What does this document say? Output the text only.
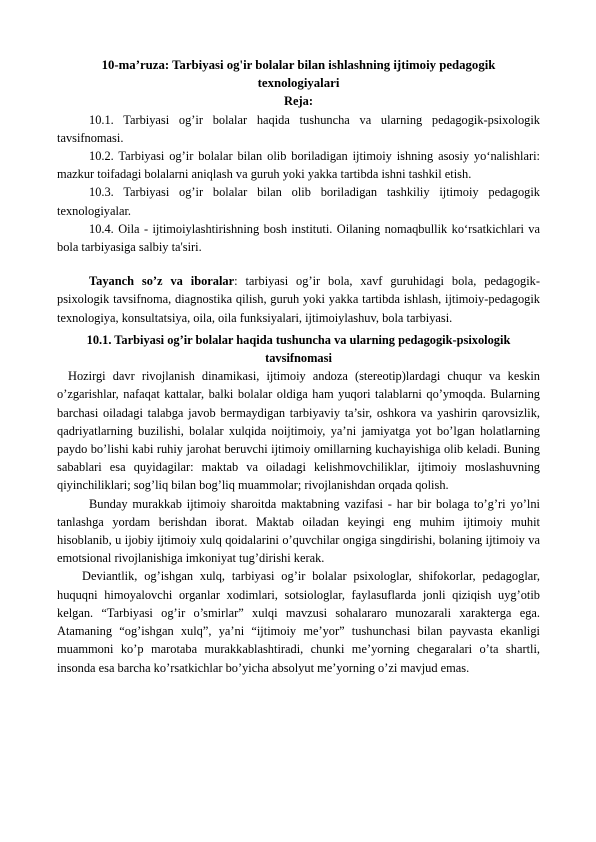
10-ma’ruza: Tarbiyasi og'ir bolalar bilan ishlashning ijtimoiy pedagogik texnologiyalari
Reja:

10.1. Tarbiyasi og’ir bolalar haqida tushuncha va ularning pedagogik-psixologik tavsifnomasi.

10.2. Tarbiyasi og’ir bolalar bilan olib boriladigan ijtimoiy ishning asosiy yo‘nalishlari: mazkur toifadagi bolalarni aniqlash va guruh yoki yakka tartibda ishni tashkil etish.

10.3. Tarbiyasi og’ir bolalar bilan olib boriladigan tashkiliy ijtimoiy pedagogik texnologiyalar.

10.4. Oila - ijtimoiylashtirishning bosh instituti. Oilaning nomaqbullik ko‘rsatkichlari va bola tarbiyasiga salbiy ta'siri.

Tayanch so’z va iboralar: tarbiyasi og’ir bola, xavf guruhidagi bola, pedagogik-psixologik tavsifnoma, diagnostika qilish, guruh yoki yakka tartibda ishlash, ijtimoiy-pedagogik texnologiya, konsultatsiya, oila, oila funksiyalari, ijtimoiylashuv, bola tarbiyasi.

10.1. Tarbiyasi og’ir bolalar haqida tushuncha va ularning pedagogik-psixologik tavsifnomasi

Hozirgi davr rivojlanish dinamikasi, ijtimoiy andoza (stereotip)lardagi chuqur va keskin o’zgarishlar, nafaqat kattalar, balki bolalar oldiga ham yuqori talablarni qo’ymoqda. Bularning barchasi oiladagi talabga javob bermaydigan tarbiyaviy ta’sir, oshkora va yashirin qarovsizlik, qadriyatlarning buzilishi, bolalar xulqida noijtimoiy, ya’ni jamiyatga yot bo’lgan holatlarning paydo bo’lishi kabi ruhiy jarohat beruvchi ijtimoiy omillarning kuchayishiga olib keladi. Buning sabablari esa quyidagilar: maktab va oiladagi kelishmovchiliklar, ijtimoiy moslashuvning qiyinchiliklari; sog’liq bilan bog’liq muammolar; rivojlanishdan orqada qolish.

Bunday murakkab ijtimoiy sharoitda maktabning vazifasi - har bir bolaga to’g’ri yo’lni tanlashga yordam berishdan iborat. Maktab oiladan keyingi eng muhim ijtimoiy muhit hisoblanib, u ijobiy ijtimoiy xulq qoidalarini o’quvchilar ongiga singdirishi, bolaning ijtimoiy va emotsional rivojlanishiga imkoniyat tug’dirishi kerak.

Deviantlik, og’ishgan xulq, tarbiyasi og’ir bolalar psixologlar, shifokorlar, pedagoglar, huquqni himoyalovchi organlar xodimlari, sotsiologlar, faylasuflarda jonli qiziqish uyg’otib kelgan. “Tarbiyasi og’ir o’smirlar” xulqi mavzusi sohalararo munozarali xarakterga ega. Atamaning “og’ishgan xulq”, ya’ni “ijtimoiy me’yor” tushunchasi bilan payvasta ekanligi muammoni ko’p marotaba murakkablashtiradi, chunki me’yorning chegaralari o’ta shartli, insonda esa barcha ko’rsatkichlar bo’yicha absolyut me’yorning o’zi mavjud emas.
